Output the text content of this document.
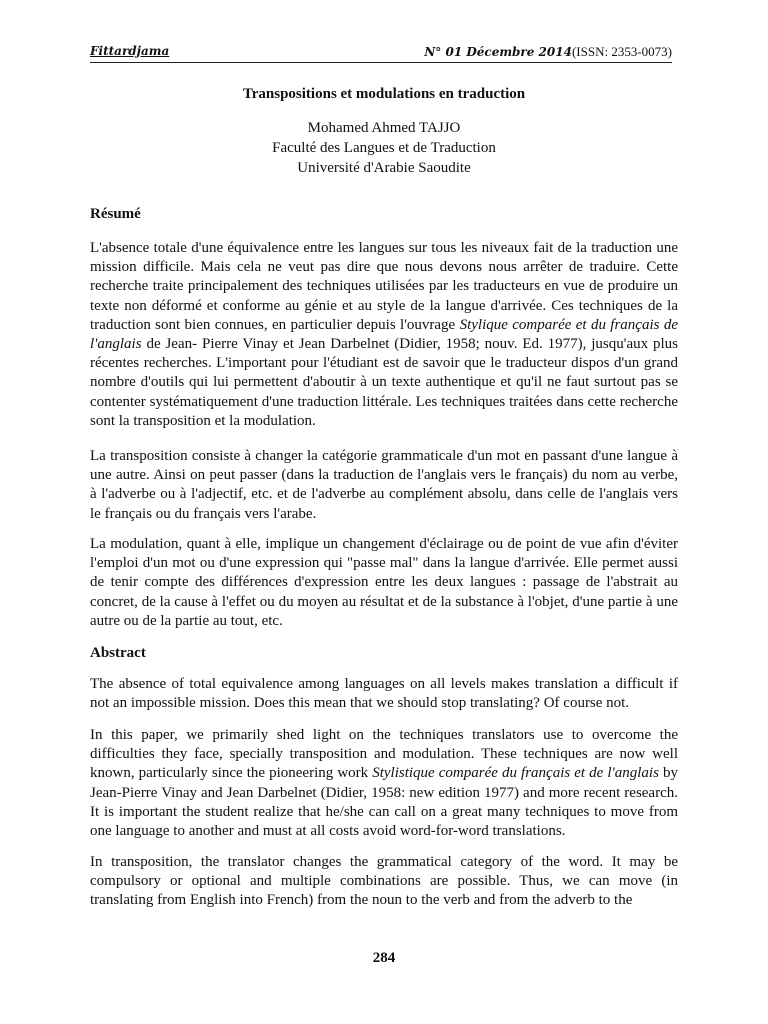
Fittardjama	N° 01 Décembre 2014(ISSN: 2353-0073)
Transpositions et modulations en traduction
Mohamed Ahmed TAJJO
Faculté des Langues et de Traduction
Université d'Arabie Saoudite
Résumé

L'absence totale d'une équivalence entre les langues sur tous les niveaux fait de la traduction une mission difficile. Mais cela ne veut pas dire que nous devons nous arrêter de traduire. Cette recherche traite principalement des techniques utilisées par les traducteurs en vue de produire un texte non déformé et conforme au génie et au style de la langue d'arrivée. Ces techniques de la traduction sont bien connues, en particulier depuis l'ouvrage Stylique comparée et du français de l'anglais de Jean- Pierre Vinay et Jean Darbelnet (Didier, 1958; nouv. Ed. 1977), jusqu'aux plus récentes recherches. L'important pour l'étudiant est de savoir que le traducteur dispos d'un grand nombre d'outils qui lui permettent d'aboutir à un texte authentique et qu'il ne faut surtout pas se contenter systématiquement d'une traduction littérale. Les techniques traitées dans cette recherche sont la transposition et la modulation.

La transposition consiste à changer la catégorie grammaticale d'un mot en passant d'une langue à une autre. Ainsi on peut passer (dans la traduction de l'anglais vers le français) du nom au verbe, à l'adverbe ou à l'adjectif, etc. et de l'adverbe au complément absolu, dans celle de l'anglais vers le français ou du français vers l'arabe.

La modulation, quant à elle, implique un changement d'éclairage ou de point de vue afin d'éviter l'emploi d'un mot ou d'une expression qui "passe mal" dans la langue d'arrivée. Elle permet aussi de tenir compte des différences d'expression entre les deux langues : passage de l'abstrait au concret, de la cause à l'effet ou du moyen au résultat et de la substance à l'objet, d'une partie à une autre ou de la partie au tout, etc.

Abstract

The absence of total equivalence among languages on all levels makes translation a difficult if not an impossible mission. Does this mean that we should stop translating? Of course not.

In this paper, we primarily shed light on the techniques translators use to overcome the difficulties they face, specially transposition and modulation. These techniques are now well known, particularly since the pioneering work Stylistique comparée du français et de l'anglais by Jean-Pierre Vinay and Jean Darbelnet (Didier, 1958: new edition 1977) and more recent research. It is important the student realize that he/she can call on a great many techniques to move from one language to another and must at all costs avoid word-for-word translations.

In transposition, the translator changes the grammatical category of the word. It may be compulsory or optional and multiple combinations are possible. Thus, we can move (in translating from English into French) from the noun to the verb and from the adverb to the

284
